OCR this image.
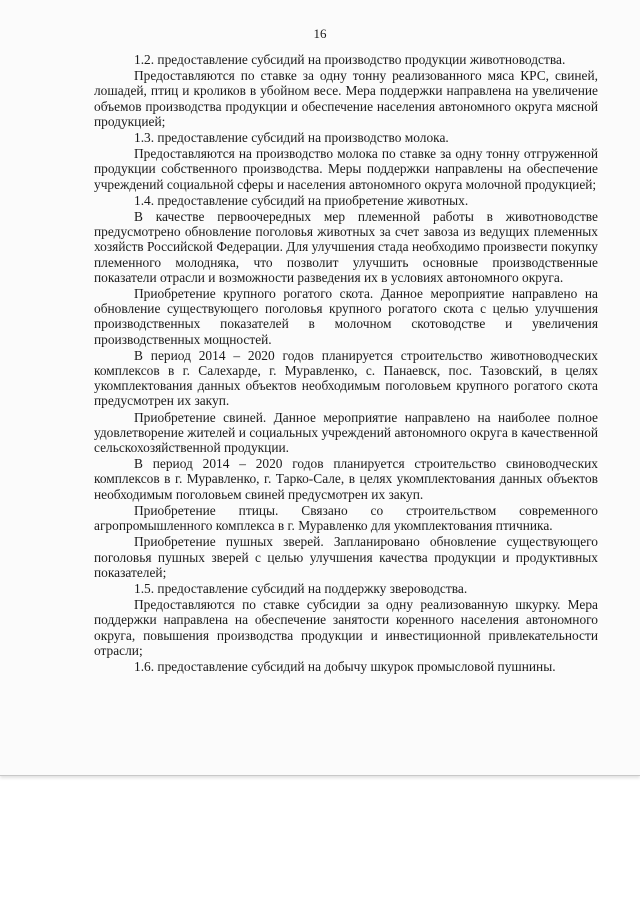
16

1.2. предоставление субсидий на производство продукции животноводства.

Предоставляются по ставке за одну тонну реализованного мяса КРС, свиней, лошадей, птиц и кроликов в убойном весе. Мера поддержки направлена на увеличение объемов производства продукции и обеспечение населения автономного округа мясной продукцией;

1.3. предоставление субсидий на производство молока.

Предоставляются на производство молока по ставке за одну тонну отгруженной продукции собственного производства. Меры поддержки направлены на обеспечение учреждений социальной сферы и населения автономного округа молочной продукцией;

1.4. предоставление субсидий на приобретение животных.

В качестве первоочередных мер племенной работы в животноводстве предусмотрено обновление поголовья животных за счет завоза из ведущих племенных хозяйств Российской Федерации. Для улучшения стада необходимо произвести покупку племенного молодняка, что позволит улучшить основные производственные показатели отрасли и возможности разведения их в условиях автономного округа.

Приобретение крупного рогатого скота. Данное мероприятие направлено на обновление существующего поголовья крупного рогатого скота с целью улучшения производственных показателей в молочном скотоводстве и увеличения производственных мощностей.

В период 2014 – 2020 годов планируется строительство животноводческих комплексов в г. Салехарде, г. Муравленко, с. Панаевск, пос. Тазовский, в целях укомплектования данных объектов необходимым поголовьем крупного рогатого скота предусмотрен их закуп.

Приобретение свиней. Данное мероприятие направлено на наиболее полное удовлетворение жителей и социальных учреждений автономного округа в качественной сельскохозяйственной продукции.

В период 2014 – 2020 годов планируется строительство свиноводческих комплексов в г. Муравленко, г. Тарко-Сале, в целях укомплектования данных объектов необходимым поголовьем свиней предусмотрен их закуп.

Приобретение птицы. Связано со строительством современного агропромышленного комплекса в г. Муравленко для укомплектования птичника.

Приобретение пушных зверей. Запланировано обновление существующего поголовья пушных зверей с целью улучшения качества продукции и продуктивных показателей;

1.5. предоставление субсидий на поддержку звероводства.

Предоставляются по ставке субсидии за одну реализованную шкурку. Мера поддержки направлена на обеспечение занятости коренного населения автономного округа, повышения производства продукции и инвестиционной привлекательности отрасли;

1.6. предоставление субсидий на добычу шкурок промысловой пушнины.
